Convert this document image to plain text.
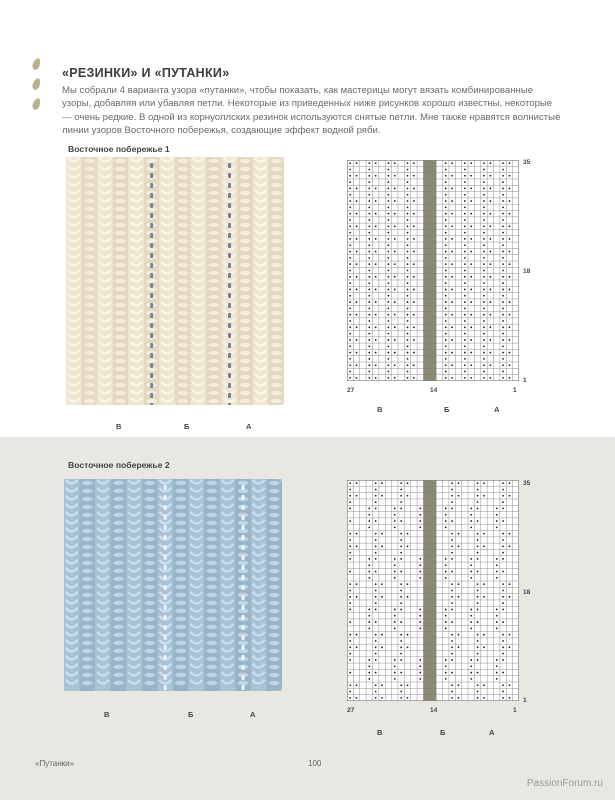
«РЕЗИНКИ» И «ПУТАНКИ»

Мы собрали 4 варианта узора «путанки», чтобы показать, как мастерицы могут вязать комбинированные узоры, добавляя или убавляя петли. Некоторые из приведенных ниже рисунков хорошо известны, некоторые — очень редкие. В одной из корнуоллских резинок используются снятые петли. Мне также нравятся волнистые линии узоров Восточного побережья, создающие эффект водной ряби.

Восточное побережье 1
В	Б	А
35
18
1
27	14	1
В	Б	А
Восточное побережье 2
В	Б	А
35
18
1
27	14	1
В	Б	А
«Путанки»	100
PassionForum.ru
